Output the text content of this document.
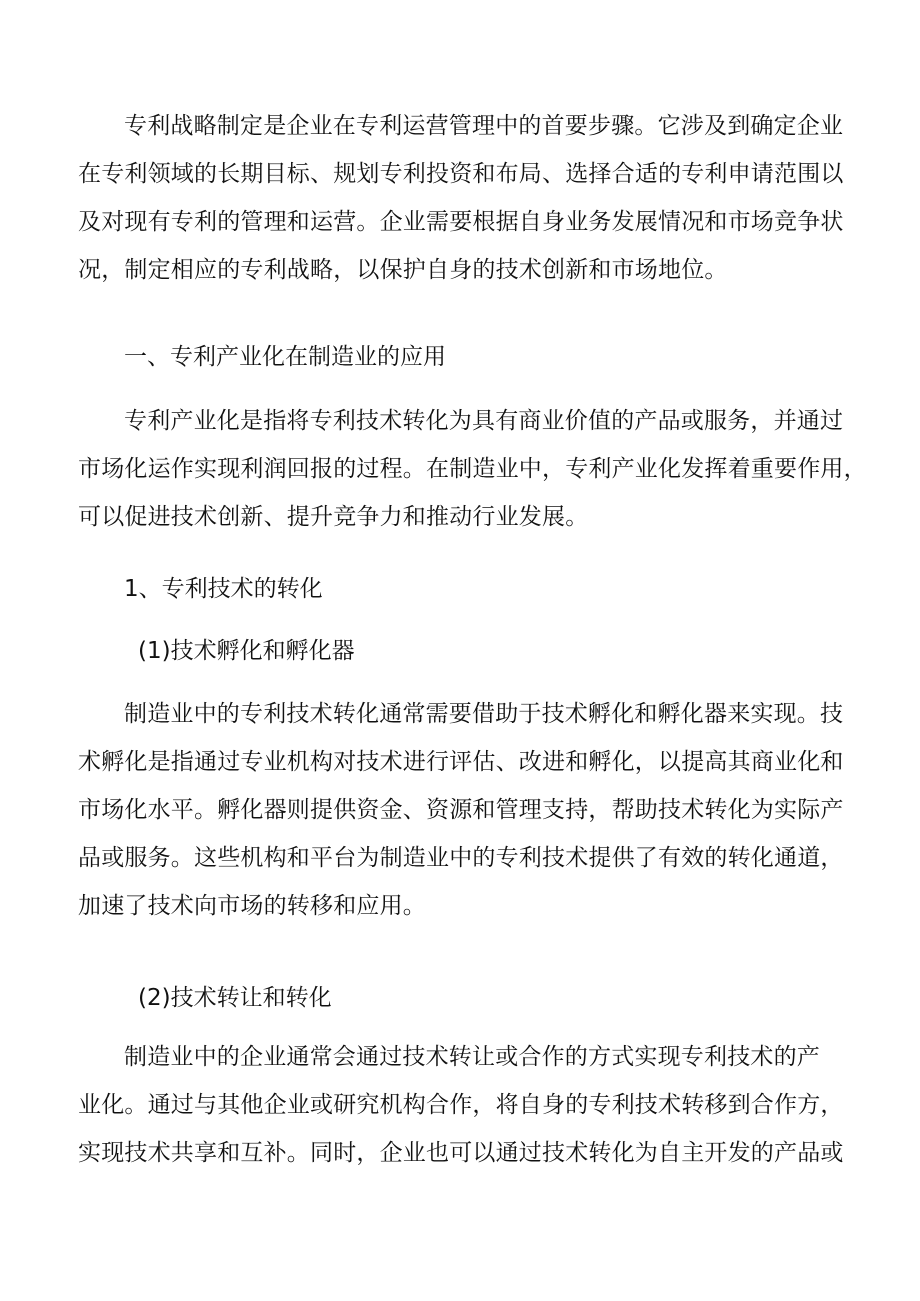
专利战略制定是企业在专利运营管理中的首要步骤。它涉及到确定企业
在专利领域的长期目标、规划专利投资和布局、选择合适的专利申请范围以
及对现有专利的管理和运营。企业需要根据自身业务发展情况和市场竞争状
况，制定相应的专利战略，以保护自身的技术创新和市场地位。
一、专利产业化在制造业的应用
专利产业化是指将专利技术转化为具有商业价值的产品或服务，并通过
市场化运作实现利润回报的过程。在制造业中，专利产业化发挥着重要作用，
可以促进技术创新、提升竞争力和推动行业发展。
1、专利技术的转化
(1)技术孵化和孵化器
制造业中的专利技术转化通常需要借助于技术孵化和孵化器来实现。技
术孵化是指通过专业机构对技术进行评估、改进和孵化，以提高其商业化和
市场化水平。孵化器则提供资金、资源和管理支持，帮助技术转化为实际产
品或服务。这些机构和平台为制造业中的专利技术提供了有效的转化通道，
加速了技术向市场的转移和应用。
(2)技术转让和转化
制造业中的企业通常会通过技术转让或合作的方式实现专利技术的产
业化。通过与其他企业或研究机构合作，将自身的专利技术转移到合作方，
实现技术共享和互补。同时，企业也可以通过技术转化为自主开发的产品或
